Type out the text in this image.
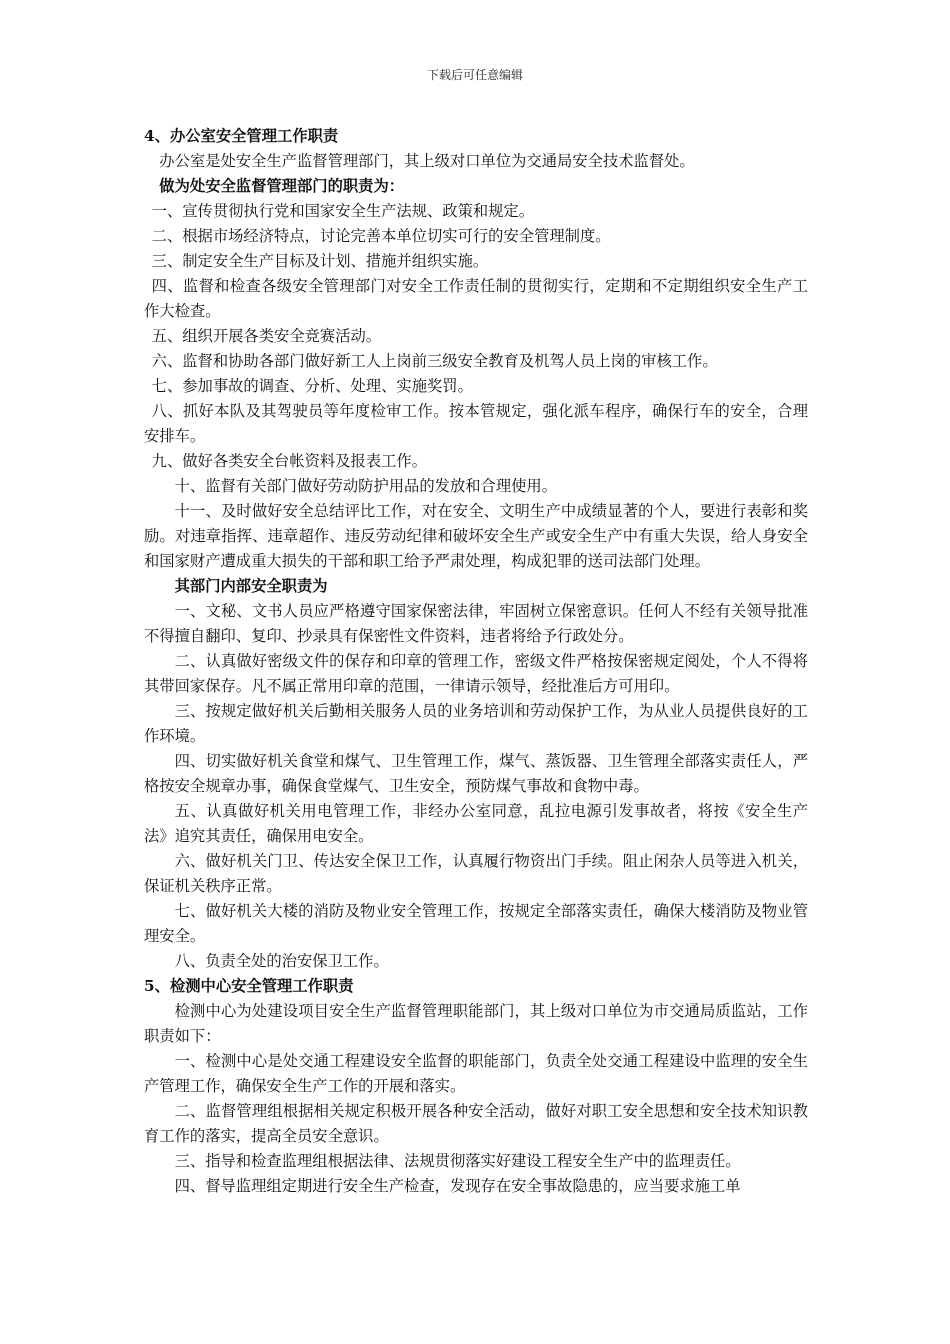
下载后可任意编辑

4、办公室安全管理工作职责

办公室是处安全生产监督管理部门，其上级对口单位为交通局安全技术监督处。

做为处安全监督管理部门的职责为：

一、宣传贯彻执行党和国家安全生产法规、政策和规定。

二、根据市场经济特点，讨论完善本单位切实可行的安全管理制度。

三、制定安全生产目标及计划、措施并组织实施。

四、监督和检查各级安全管理部门对安全工作责任制的贯彻实行，定期和不定期组织安全生产工作大检查。

五、组织开展各类安全竞赛活动。

六、监督和协助各部门做好新工人上岗前三级安全教育及机驾人员上岗的审核工作。

七、参加事故的调查、分析、处理、实施奖罚。

八、抓好本队及其驾驶员等年度检审工作。按本管规定，强化派车程序，确保行车的安全，合理安排车。

九、做好各类安全台帐资料及报表工作。

十、监督有关部门做好劳动防护用品的发放和合理使用。

十一、及时做好安全总结评比工作，对在安全、文明生产中成绩显著的个人，要进行表彰和奖励。对违章指挥、违章超作、违反劳动纪律和破坏安全生产或安全生产中有重大失误，给人身安全和国家财产遭成重大损失的干部和职工给予严肃处理，构成犯罪的送司法部门处理。

其部门内部安全职责为

一、文秘、文书人员应严格遵守国家保密法律，牢固树立保密意识。任何人不经有关领导批准不得擅自翻印、复印、抄录具有保密性文件资料，违者将给予行政处分。

二、认真做好密级文件的保存和印章的管理工作，密级文件严格按保密规定阅处，个人不得将其带回家保存。凡不属正常用印章的范围，一律请示领导，经批准后方可用印。

三、按规定做好机关后勤相关服务人员的业务培训和劳动保护工作，为从业人员提供良好的工作环境。

四、切实做好机关食堂和煤气、卫生管理工作，煤气、蒸饭器、卫生管理全部落实责任人，严格按安全规章办事，确保食堂煤气、卫生安全，预防煤气事故和食物中毒。

五、认真做好机关用电管理工作，非经办公室同意，乱拉电源引发事故者，将按《安全生产法》追究其责任，确保用电安全。

六、做好机关门卫、传达安全保卫工作，认真履行物资出门手续。阻止闲杂人员等进入机关，保证机关秩序正常。

七、做好机关大楼的消防及物业安全管理工作，按规定全部落实责任，确保大楼消防及物业管理安全。

八、负责全处的治安保卫工作。

5、检测中心安全管理工作职责

检测中心为处建设项目安全生产监督管理职能部门，其上级对口单位为市交通局质监站，工作职责如下：

一、检测中心是处交通工程建设安全监督的职能部门，负责全处交通工程建设中监理的安全生产管理工作，确保安全生产工作的开展和落实。

二、监督管理组根据相关规定积极开展各种安全活动，做好对职工安全思想和安全技术知识教育工作的落实，提高全员安全意识。

三、指导和检查监理组根据法律、法规贯彻落实好建设工程安全生产中的监理责任。

四、督导监理组定期进行安全生产检查，发现存在安全事故隐患的，应当要求施工单
